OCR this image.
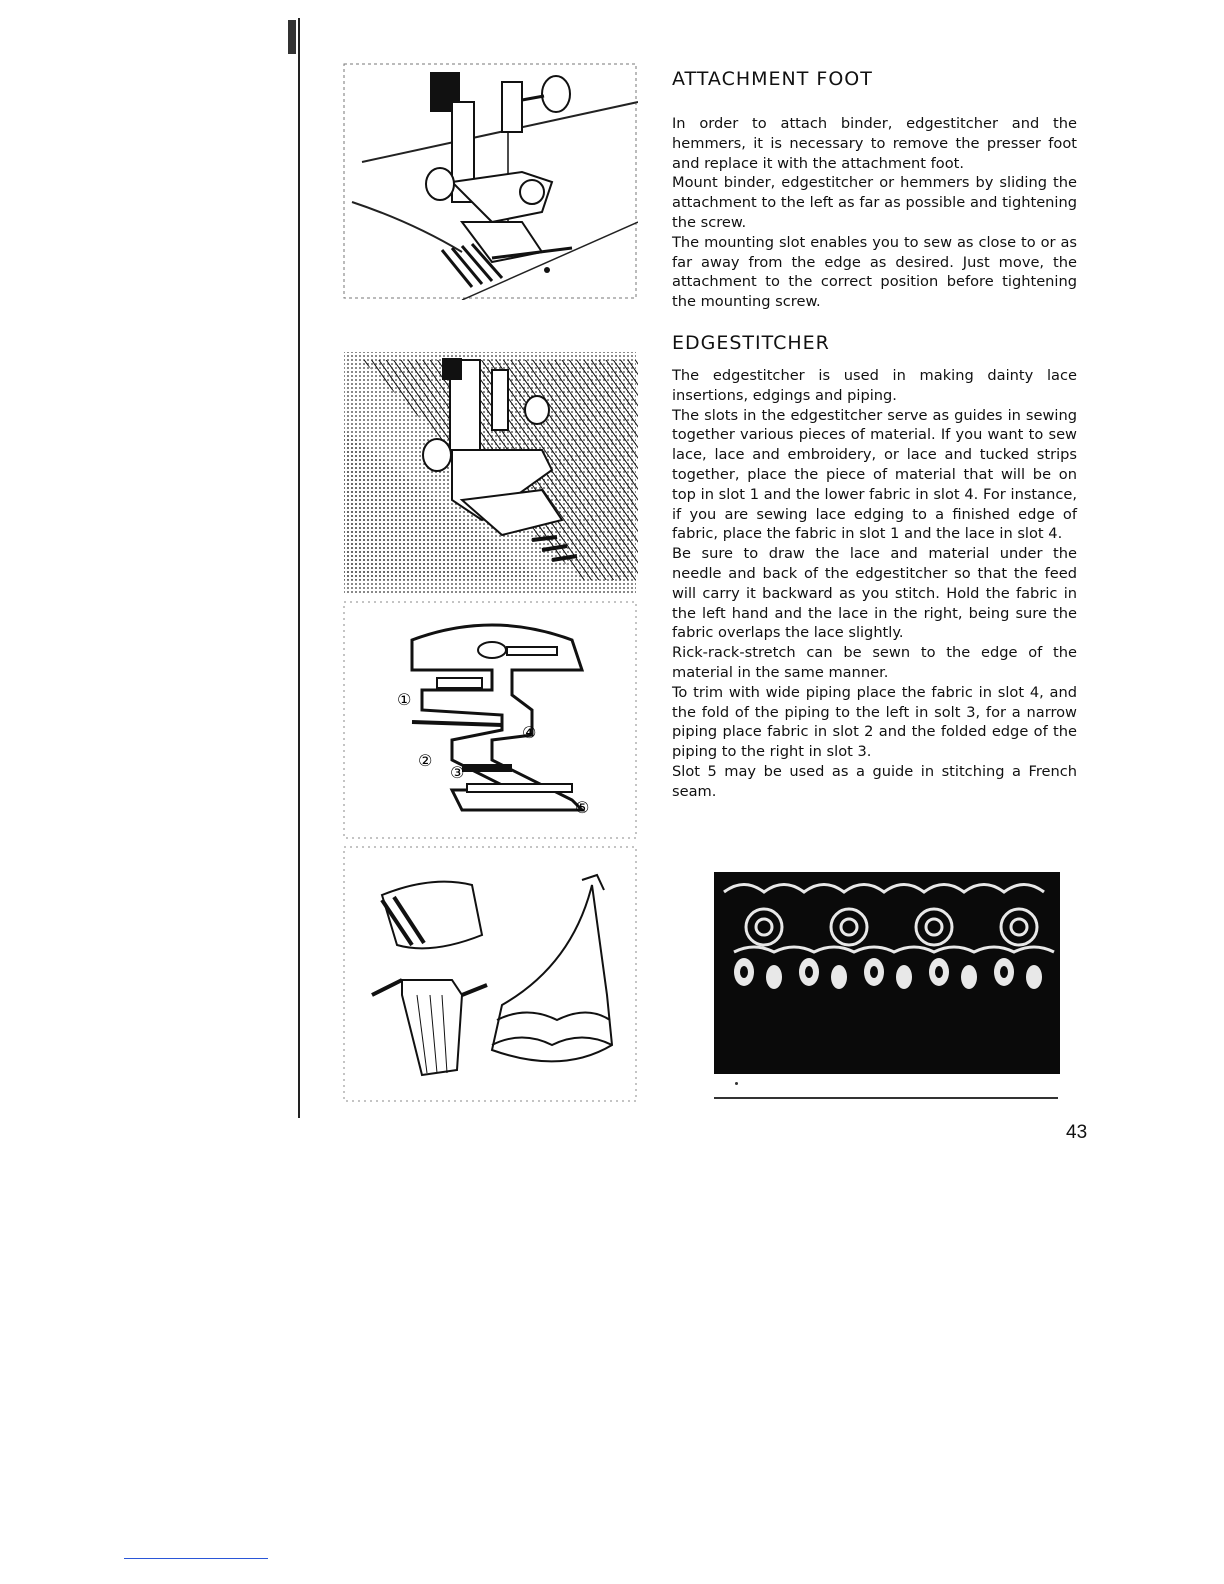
①
②
③
④
⑤
ATTACHMENT FOOT

In order to attach binder, edgestitcher and the hemmers, it is necessary to remove the presser foot and replace it with the attachment foot.

Mount binder, edgestitcher or hemmers by sliding the attachment to the left as far as possible and tightening the screw.

The mounting slot enables you to sew as close to or as far away from the edge as desired. Just move, the attachment to the correct position before tightening the mounting screw.

EDGESTITCHER

The edgestitcher is used in making dainty lace insertions, edgings and piping.

The slots in the edgestitcher serve as guides in sewing together various pieces of material. If you want to sew lace, lace and embroidery, or lace and tucked strips together, place the piece of material that will be on top in slot 1 and the lower fabric in slot 4. For instance, if you are sewing lace edging to a finished edge of fabric, place the fabric in slot 1 and the lace in slot 4.

Be sure to draw the lace and material under the needle and back of the edgestitcher so that the feed will carry it backward as you stitch. Hold the fabric in the left hand and the lace in the right, being sure the fabric overlaps the lace slightly.

Rick-rack-stretch can be sewn to the edge of the material in the same manner.

To trim with wide piping place the fabric in slot 4, and the fold of the piping to the left in solt 3, for a narrow piping place fabric in slot 2 and the folded edge of the piping to the right in slot 3.

Slot 5 may be used as a guide in stitching a French seam.

43
